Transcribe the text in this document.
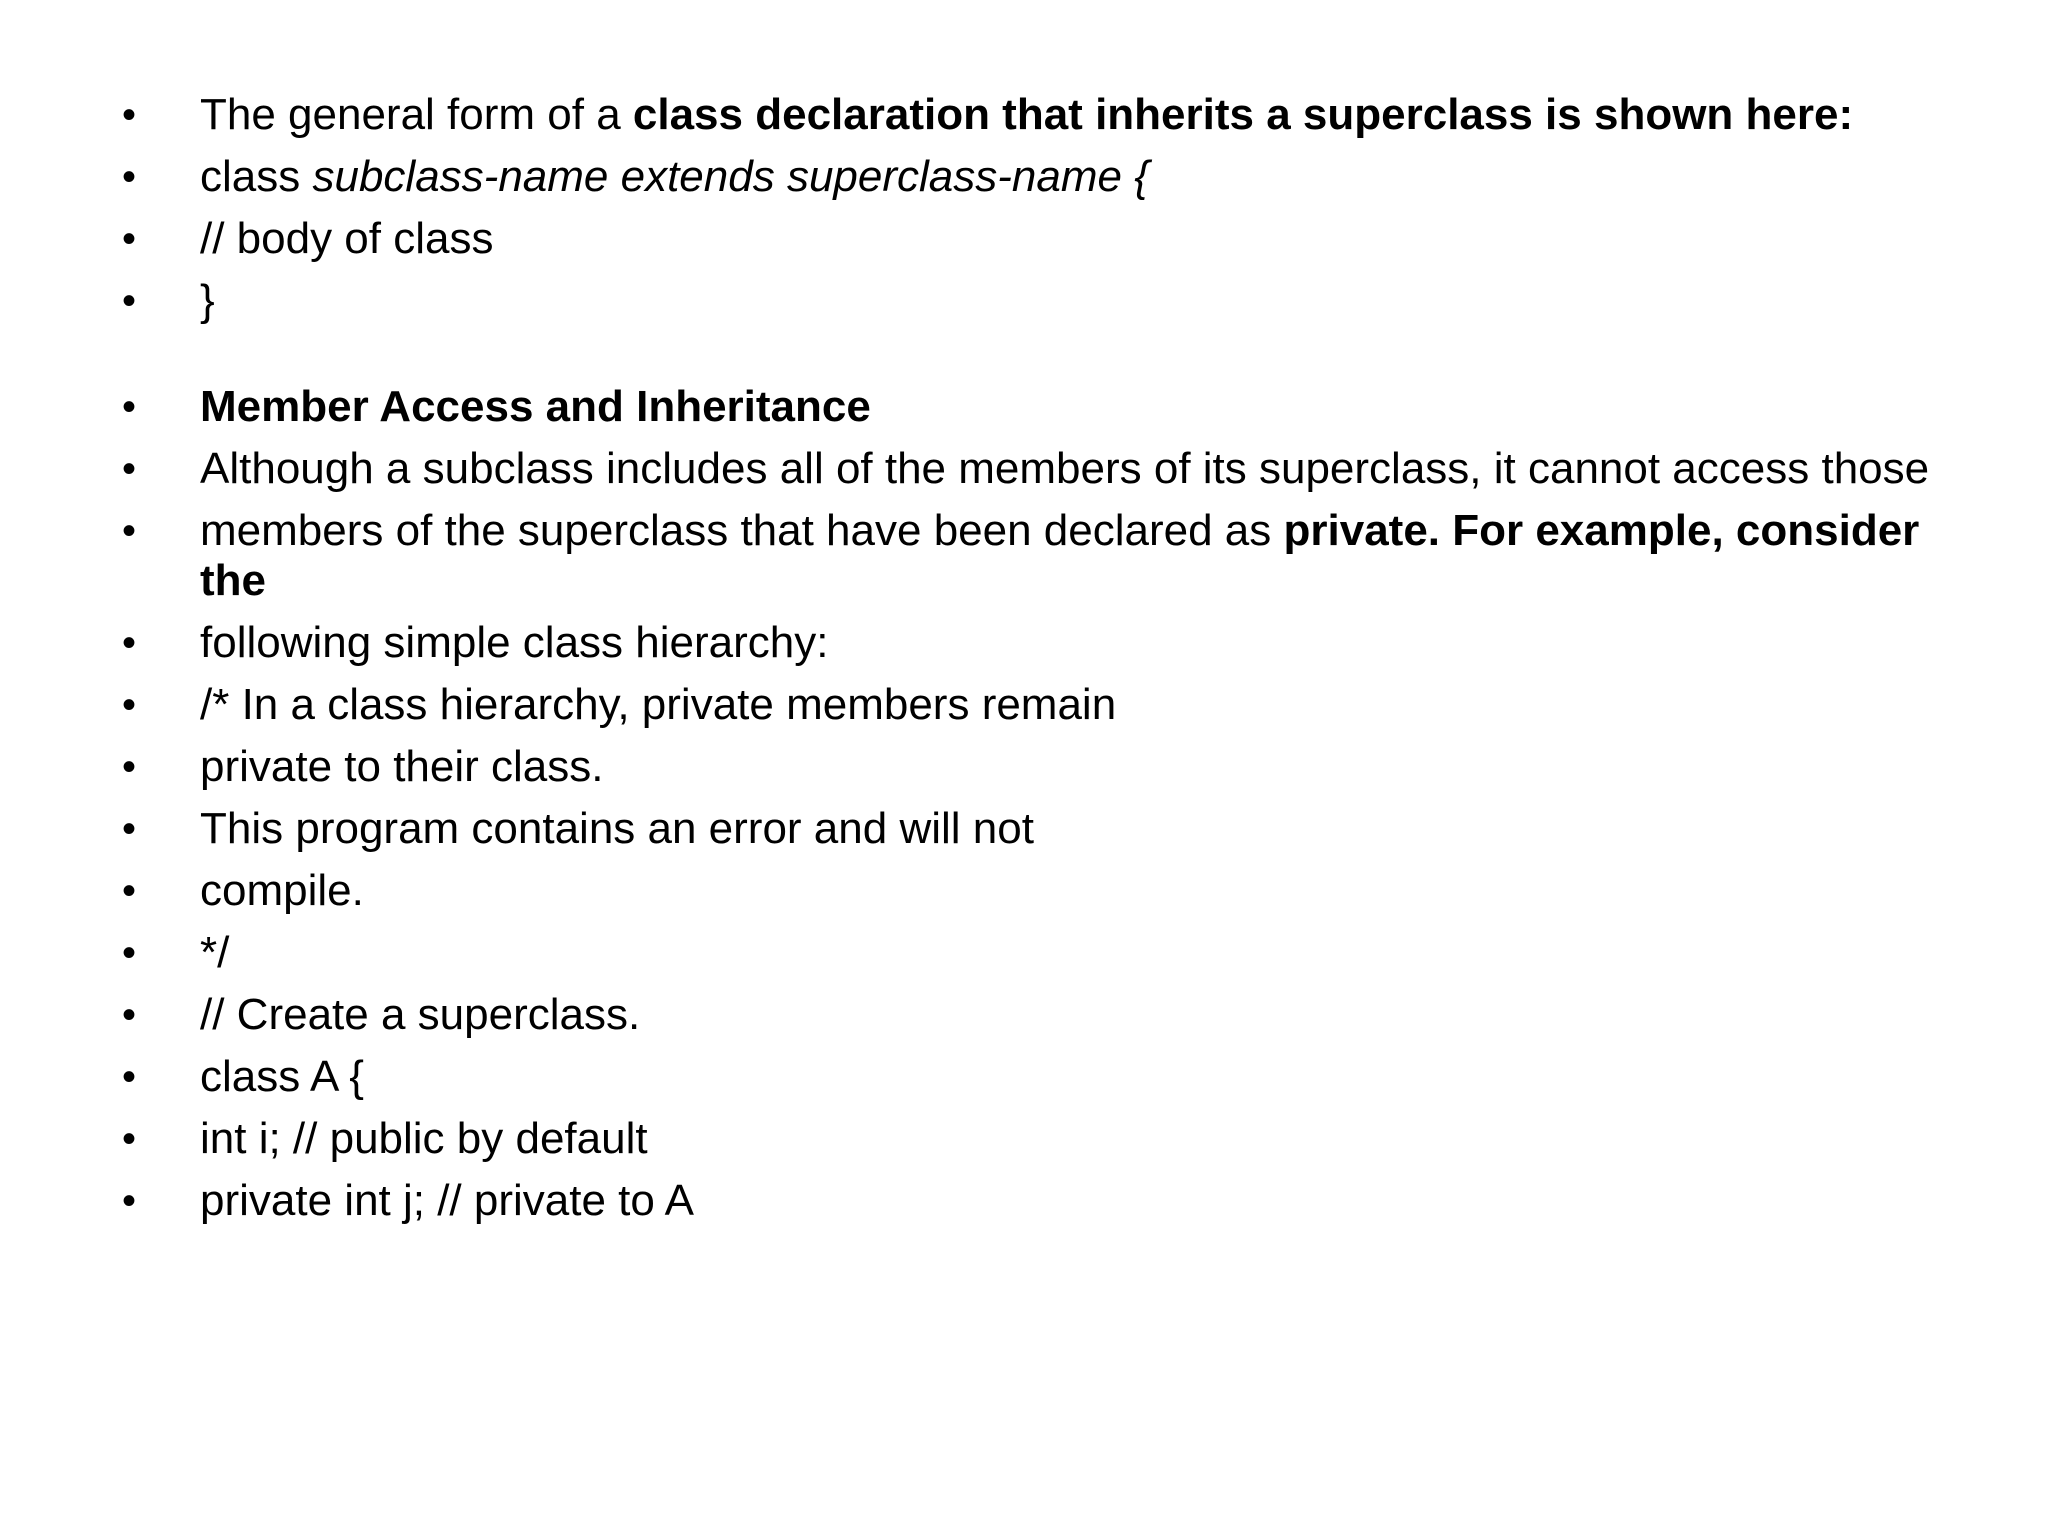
• The general form of a class declaration that inherits a superclass is shown here:
• class subclass-name extends superclass-name {
• // body of class
• }
• Member Access and Inheritance
• Although a subclass includes all of the members of its superclass, it cannot access those
• members of the superclass that have been declared as private. For example, consider the
• following simple class hierarchy:
• /* In a class hierarchy, private members remain
• private to their class.
• This program contains an error and will not
• compile.
• */
• // Create a superclass.
• class A {
• int i; // public by default
• private int j; // private to A
